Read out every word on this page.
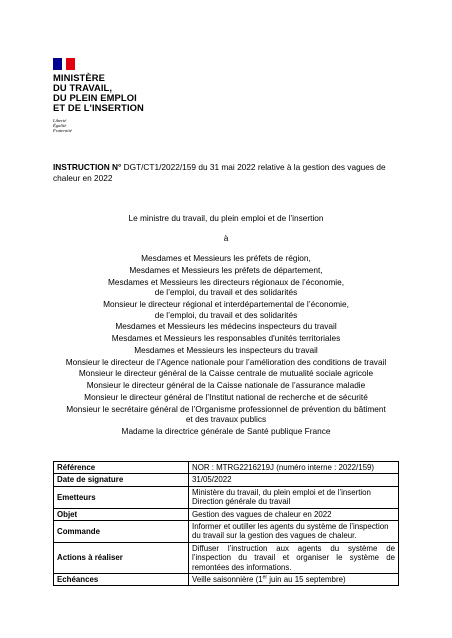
MINISTÈRE
DU TRAVAIL,
DU PLEIN EMPLOI
ET DE L'INSERTION
Liberté
Égalité
Fraternité
INSTRUCTION N° DGT/CT1/2022/159 du 31 mai 2022 relative à la gestion des vagues de chaleur en 2022
Le ministre du travail, du plein emploi et de l’insertion
à
Mesdames et Messieurs les préfets de région,
Mesdames et Messieurs les préfets de département,
Mesdames et Messieurs les directeurs régionaux de l’économie,
de l’emploi, du travail et des solidarités
Monsieur le directeur régional et interdépartemental de l’économie,
de l’emploi, du travail et des solidarités
Mesdames et Messieurs les médecins inspecteurs du travail
Mesdames et Messieurs les responsables d'unités territoriales
Mesdames et Messieurs les inspecteurs du travail
Monsieur le directeur de l’Agence nationale pour l’amélioration des conditions de travail
Monsieur le directeur général de la Caisse centrale de mutualité sociale agricole
Monsieur le directeur général de la Caisse nationale de l’assurance maladie
Monsieur le directeur général de l’Institut national de recherche et de sécurité
Monsieur le secrétaire général de l’Organisme professionnel de prévention du bâtiment
et des travaux publics
Madame la directrice générale de Santé publique France
Référence	NOR : MTRG2216219J (numéro interne : 2022/159)
Date de signature	31/05/2022
Emetteurs	Ministère du travail, du plein emploi et de l’insertion
Direction générale du travail

Objet	Gestion des vagues de chaleur en 2022
Commande	Informer et outiller les agents du système de l’inspection du travail sur la gestion des vagues de chaleur.
Actions à réaliser	Diffuser l’instruction aux agents du système de l’inspection du travail et organiser le système de remontées des informations.
Echéances	Veille saisonnière (1er juin au 15 septembre)
